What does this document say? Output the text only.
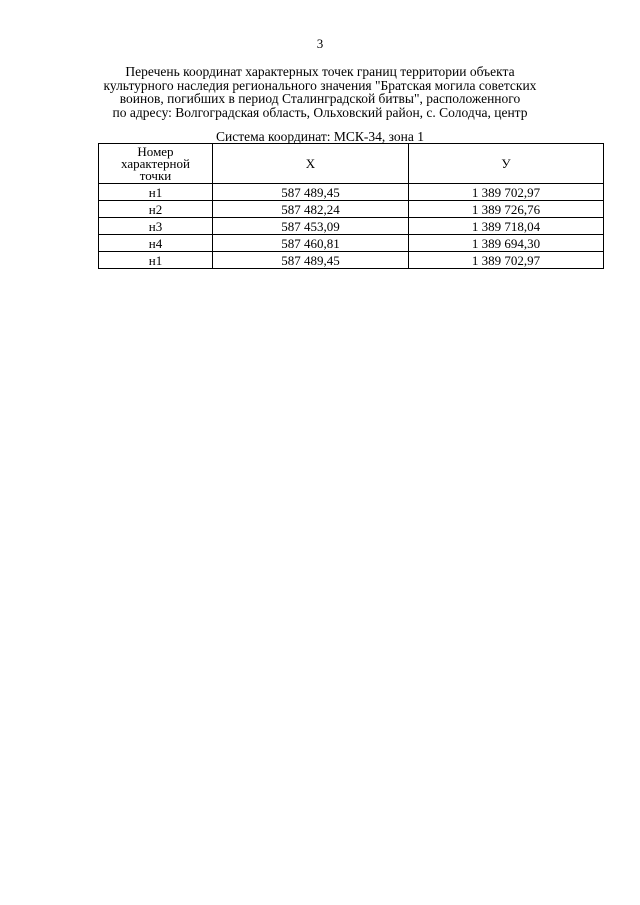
3
Перечень координат характерных точек границ территории объекта
культурного наследия регионального значения "Братская могила советских
воинов, погибших в период Сталинградской битвы", расположенного
по адресу: Волгоградская область, Ольховский район, с. Солодча, центр
Система координат: МСК-34, зона 1
Номер
характерной
точки	X	У
н1	587 489,45	1 389 702,97
н2	587 482,24	1 389 726,76
н3	587 453,09	1 389 718,04
н4	587 460,81	1 389 694,30
н1	587 489,45	1 389 702,97
